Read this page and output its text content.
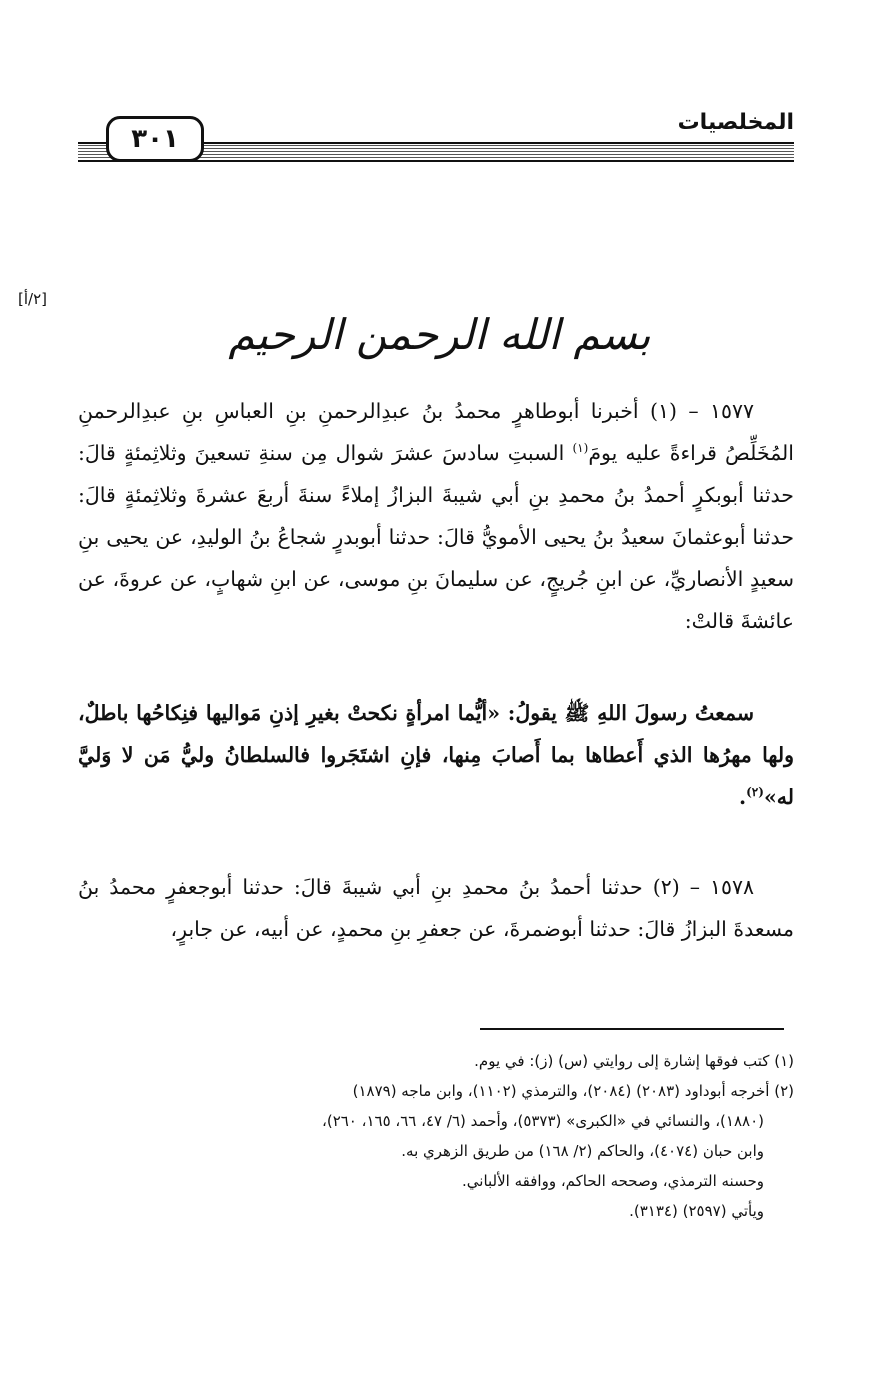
٣٠١
المخلصيات
[٢/أ]
بسم الله الرحمن الرحيم

١٥٧٧ – (١) أخبرنا أبوطاهرٍ محمدُ بنُ عبدِالرحمنِ بنِ العباسِ بنِ عبدِالرحمنِ المُخَلِّصُ قراءةً عليه يومَ$^{(١)}$ السبتِ سادسَ عشرَ شوال مِن سنةِ تسعينَ وثلاثِمئةٍ قالَ: حدثنا أبوبكرٍ أحمدُ بنُ محمدِ بنِ أبي شيبةَ البزازُ إملاءً سنةَ أربعَ عشرةَ وثلاثِمئةٍ قالَ: حدثنا أبوعثمانَ سعيدُ بنُ يحيى الأمويُّ قالَ: حدثنا أبوبدرٍ شجاعُ بنُ الوليدِ، عن يحيى بنِ سعيدٍ الأنصاريِّ، عن ابنِ جُريجٍ، عن سليمانَ بنِ موسى، عن ابنِ شهابٍ، عن عروةَ، عن عائشةَ قالتْ:

سمعتُ رسولَ اللهِ ﷺ يقولُ: «أيُّما امرأةٍ نكحتْ بغيرِ إذنِ مَواليها فنِكاحُها باطلٌ، ولها مهرُها الذي أَعطاها بما أَصابَ مِنها، فإنِ اشتَجَروا فالسلطانُ وليُّ مَن لا وَليَّ له»$^{(٢)}$.

١٥٧٨ – (٢) حدثنا أحمدُ بنُ محمدِ بنِ أبي شيبةَ قالَ: حدثنا أبوجعفرٍ محمدُ بنُ مسعدةَ البزازُ قالَ: حدثنا أبوضمرةَ، عن جعفرِ بنِ محمدٍ، عن أبيه، عن جابرٍ،

(١) كتب فوقها إشارة إلى روايتي (س) (ز): في يوم.

(٢) أخرجه أبوداود (٢٠٨٣) (٢٠٨٤)، والترمذي (١١٠٢)، وابن ماجه (١٨٧٩)

(١٨٨٠)، والنسائي في «الكبرى» (٥٣٧٣)، وأحمد (٦/ ٤٧، ٦٦، ١٦٥، ٢٦٠)،

وابن حبان (٤٠٧٤)، والحاكم (٢/ ١٦٨) من طريق الزهري به.

وحسنه الترمذي، وصححه الحاكم، ووافقه الألباني.

ويأتي (٢٥٩٧) (٣١٣٤).
